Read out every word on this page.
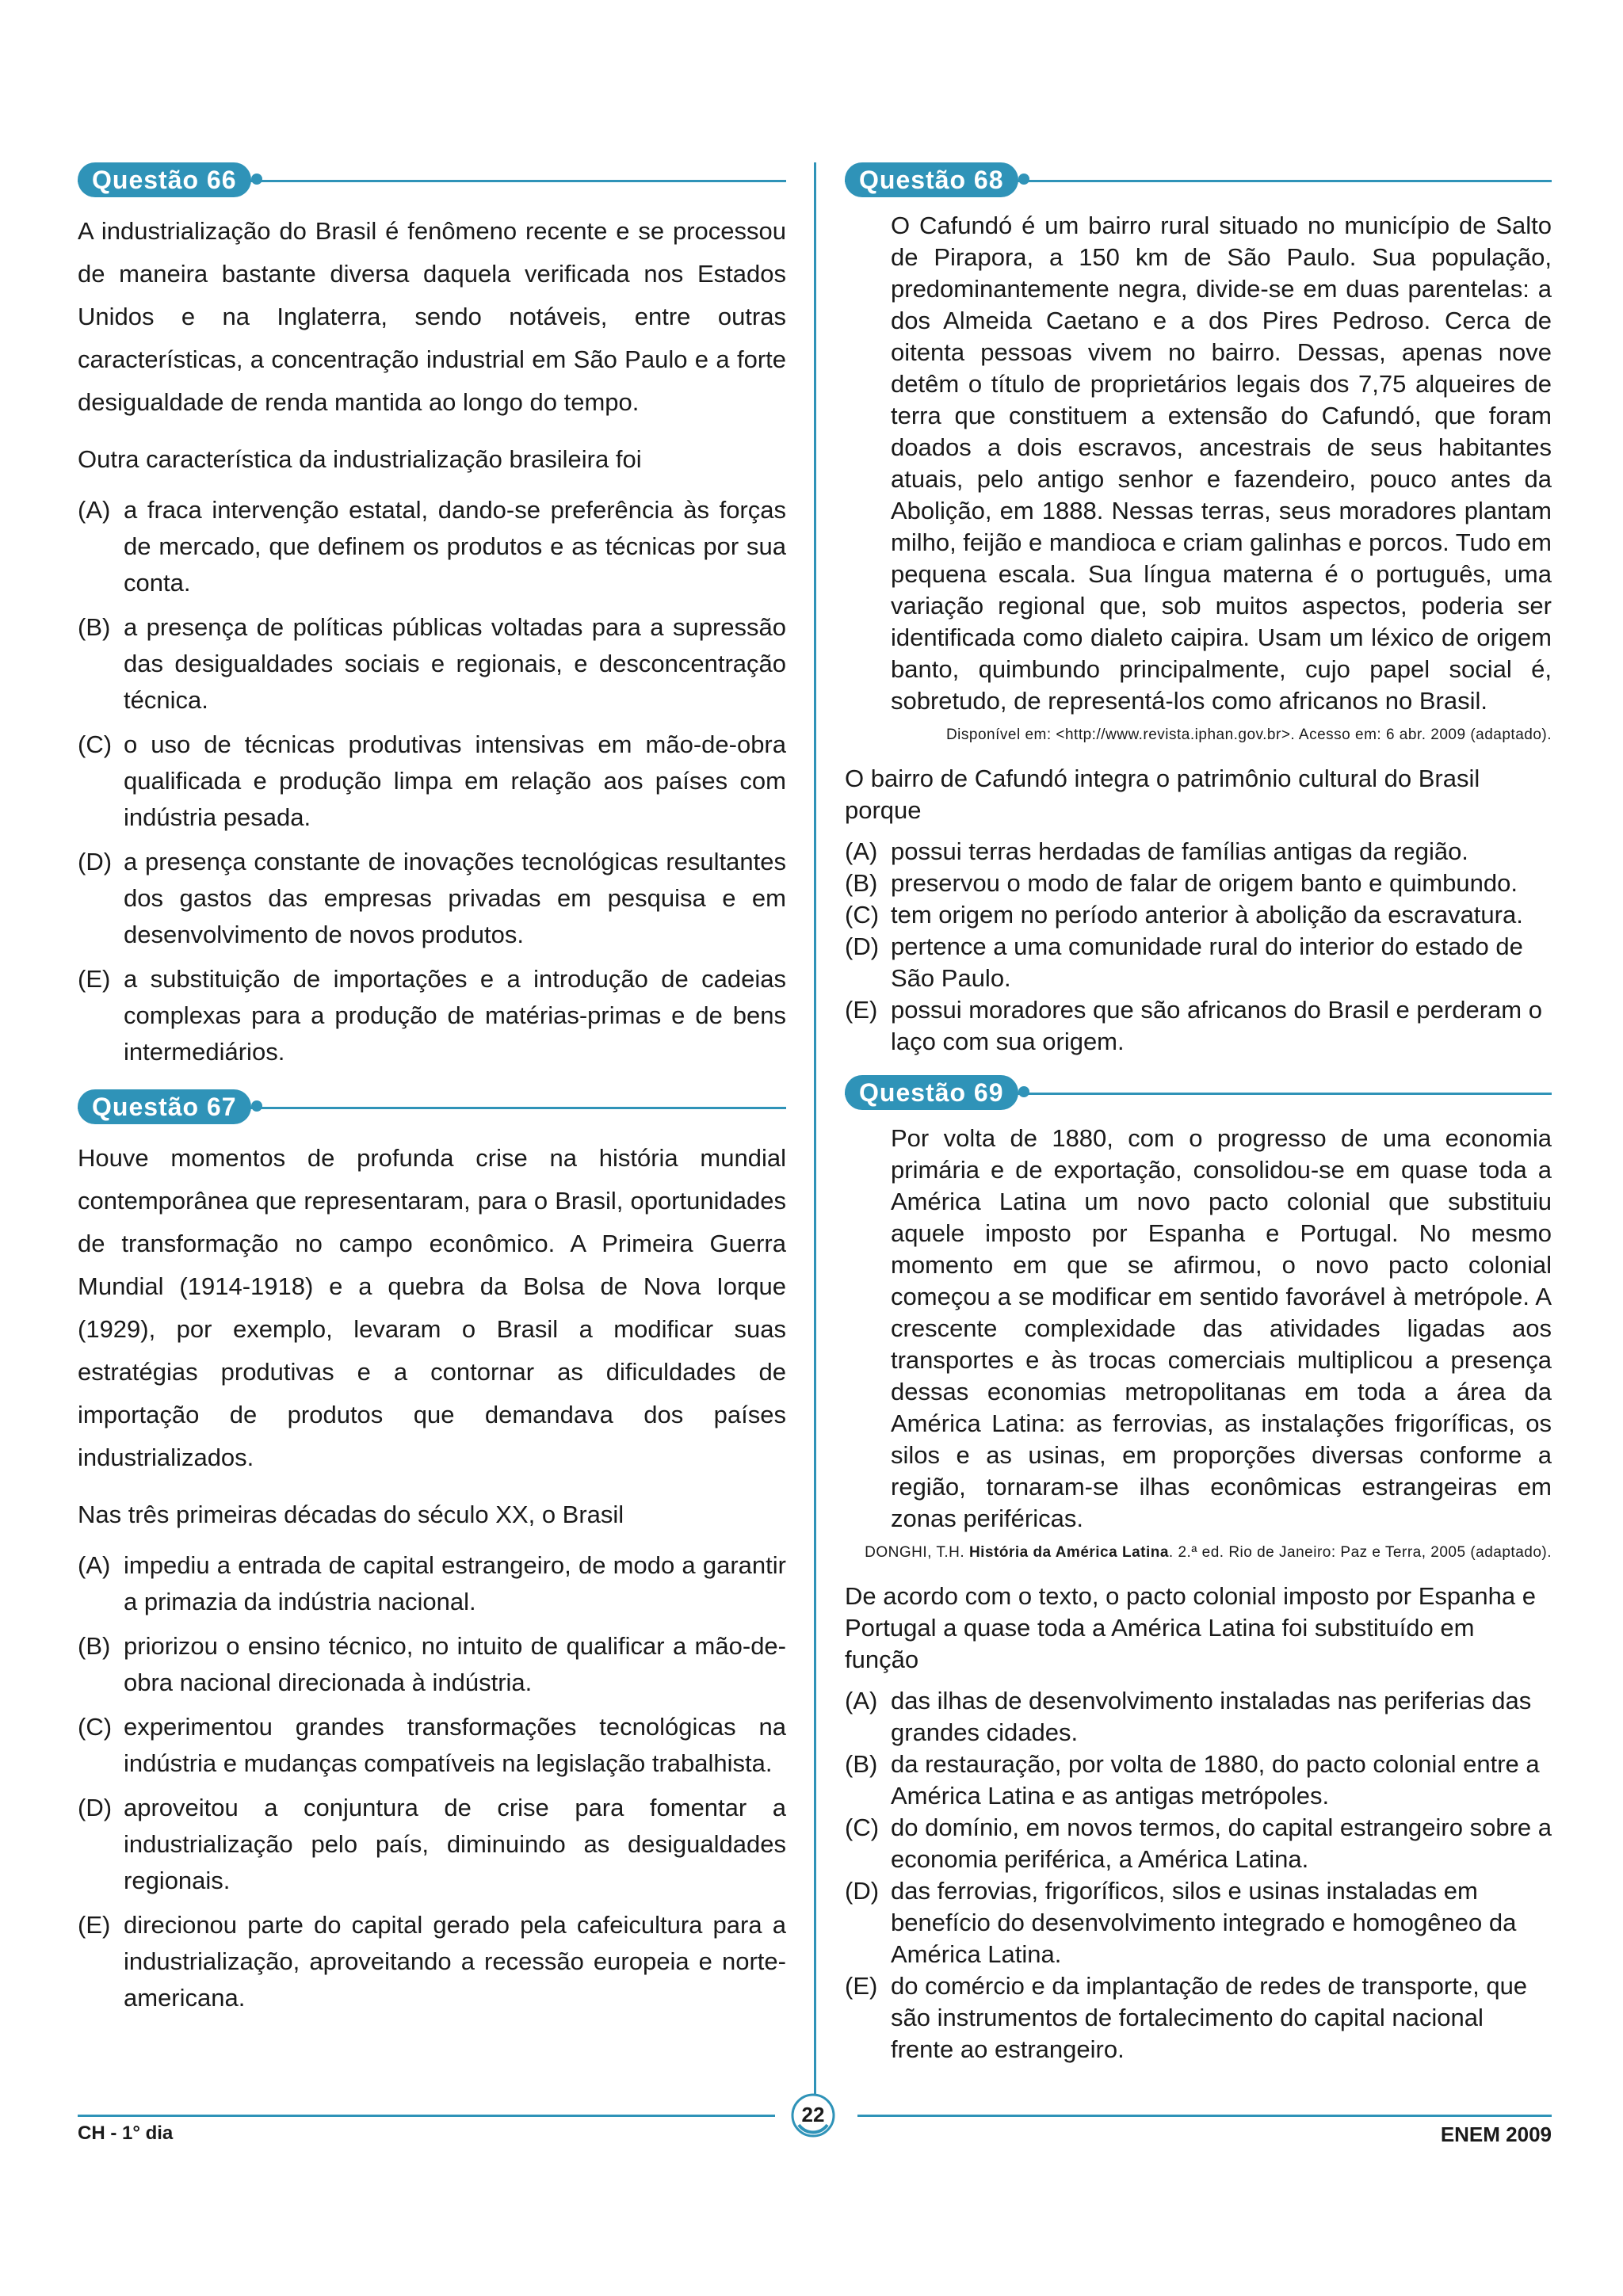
Questão 66

A industrialização do Brasil é fenômeno recente e se processou de maneira bastante diversa daquela verificada nos Estados Unidos e na Inglaterra, sendo notáveis, entre outras características, a concentração industrial em São Paulo e a forte desigualdade de renda mantida ao longo do tempo.

Outra característica da industrialização brasileira foi

(A) a fraca intervenção estatal, dando-se preferência às forças de mercado, que definem os produtos e as técnicas por sua conta.
(B) a presença de políticas públicas voltadas para a supressão das desigualdades sociais e regionais, e desconcentração técnica.
(C) o uso de técnicas produtivas intensivas em mão-de-obra qualificada e produção limpa em relação aos países com indústria pesada.
(D) a presença constante de inovações tecnológicas resultantes dos gastos das empresas privadas em pesquisa e em desenvolvimento de novos produtos.
(E) a substituição de importações e a introdução de cadeias complexas para a produção de matérias-primas e de bens intermediários.
Questão 67

Houve momentos de profunda crise na história mundial contemporânea que representaram, para o Brasil, oportunidades de transformação no campo econômico. A Primeira Guerra Mundial (1914-1918) e a quebra da Bolsa de Nova Iorque (1929), por exemplo, levaram o Brasil a modificar suas estratégias produtivas e a contornar as dificuldades de importação de produtos que demandava dos países industrializados.

Nas três primeiras décadas do século XX, o Brasil

(A) impediu a entrada de capital estrangeiro, de modo a garantir a primazia da indústria nacional.
(B) priorizou o ensino técnico, no intuito de qualificar a mão-de-obra nacional direcionada à indústria.
(C) experimentou grandes transformações tecnológicas na indústria e mudanças compatíveis na legislação trabalhista.
(D) aproveitou a conjuntura de crise para fomentar a industrialização pelo país, diminuindo as desigualdades regionais.
(E) direcionou parte do capital gerado pela cafeicultura para a industrialização, aproveitando a recessão europeia e norte-americana.
Questão 68

O Cafundó é um bairro rural situado no município de Salto de Pirapora, a 150 km de São Paulo. Sua população, predominantemente negra, divide-se em duas parentelas: a dos Almeida Caetano e a dos Pires Pedroso. Cerca de oitenta pessoas vivem no bairro. Dessas, apenas nove detêm o título de proprietários legais dos 7,75 alqueires de terra que constituem a extensão do Cafundó, que foram doados a dois escravos, ancestrais de seus habitantes atuais, pelo antigo senhor e fazendeiro, pouco antes da Abolição, em 1888. Nessas terras, seus moradores plantam milho, feijão e mandioca e criam galinhas e porcos. Tudo em pequena escala. Sua língua materna é o português, uma variação regional que, sob muitos aspectos, poderia ser identificada como dialeto caipira. Usam um léxico de origem banto, quimbundo principalmente, cujo papel social é, sobretudo, de representá-los como africanos no Brasil.

Disponível em: <http://www.revista.iphan.gov.br>. Acesso em: 6 abr. 2009 (adaptado).

O bairro de Cafundó integra o patrimônio cultural do Brasil porque

(A) possui terras herdadas de famílias antigas da região.
(B) preservou o modo de falar de origem banto e quimbundo.
(C) tem origem no período anterior à abolição da escravatura.
(D) pertence a uma comunidade rural do interior do estado de São Paulo.
(E) possui moradores que são africanos do Brasil e perderam o laço com sua origem.
Questão 69

Por volta de 1880, com o progresso de uma economia primária e de exportação, consolidou-se em quase toda a América Latina um novo pacto colonial que substituiu aquele imposto por Espanha e Portugal. No mesmo momento em que se afirmou, o novo pacto colonial começou a se modificar em sentido favorável à metrópole. A crescente complexidade das atividades ligadas aos transportes e às trocas comerciais multiplicou a presença dessas economias metropolitanas em toda a área da América Latina: as ferrovias, as instalações frigoríficas, os silos e as usinas, em proporções diversas conforme a região, tornaram-se ilhas econômicas estrangeiras em zonas periféricas.

DONGHI, T.H. História da América Latina. 2.ª ed. Rio de Janeiro: Paz e Terra, 2005 (adaptado).

De acordo com o texto, o pacto colonial imposto por Espanha e Portugal a quase toda a América Latina foi substituído em função

(A) das ilhas de desenvolvimento instaladas nas periferias das grandes cidades.
(B) da restauração, por volta de 1880, do pacto colonial entre a América Latina e as antigas metrópoles.
(C) do domínio, em novos termos, do capital estrangeiro sobre a economia periférica, a América Latina.
(D) das ferrovias, frigoríficos, silos e usinas instaladas em benefício do desenvolvimento integrado e homogêneo da América Latina.
(E) do comércio e da implantação de redes de transporte, que são instrumentos de fortalecimento do capital nacional frente ao estrangeiro.
22
CH - 1° dia	ENEM 2009
